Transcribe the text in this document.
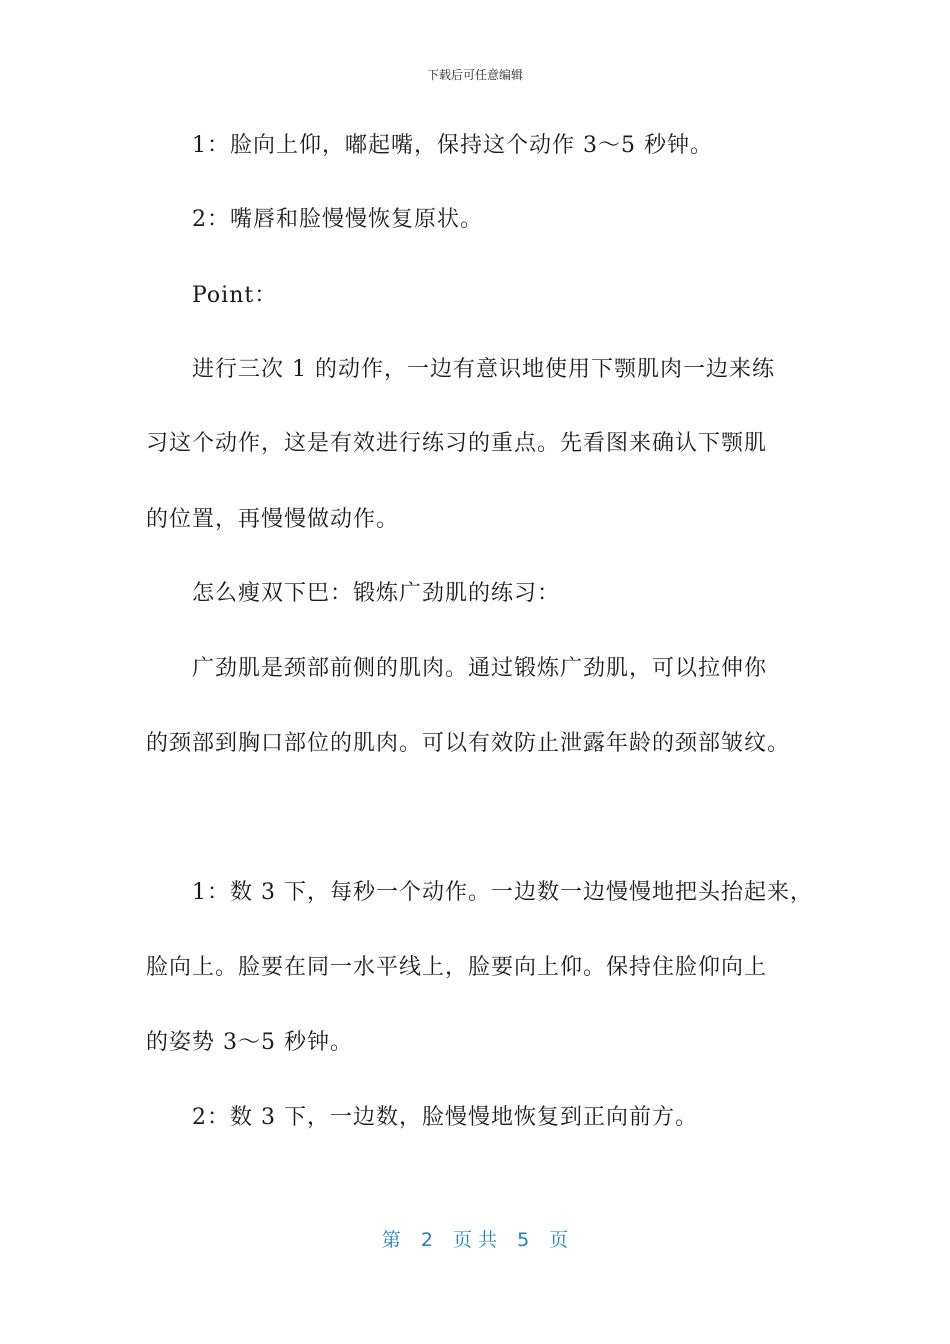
下载后可任意编辑
1：脸向上仰，嘟起嘴，保持这个动作 3～5 秒钟。
2：嘴唇和脸慢慢恢复原状。
Point：
进行三次 1 的动作，一边有意识地使用下颚肌肉一边来练
习这个动作，这是有效进行练习的重点。先看图来确认下颚肌
的位置，再慢慢做动作。
怎么瘦双下巴：锻炼广劲肌的练习：
广劲肌是颈部前侧的肌肉。通过锻炼广劲肌，可以拉伸你
的颈部到胸口部位的肌肉。可以有效防止泄露年龄的颈部皱纹。
1：数 3 下，每秒一个动作。一边数一边慢慢地把头抬起来，
脸向上。脸要在同一水平线上，脸要向上仰。保持住脸仰向上
的姿势 3～5 秒钟。
2：数 3 下，一边数，脸慢慢地恢复到正向前方。
第 2 页 共 5 页
